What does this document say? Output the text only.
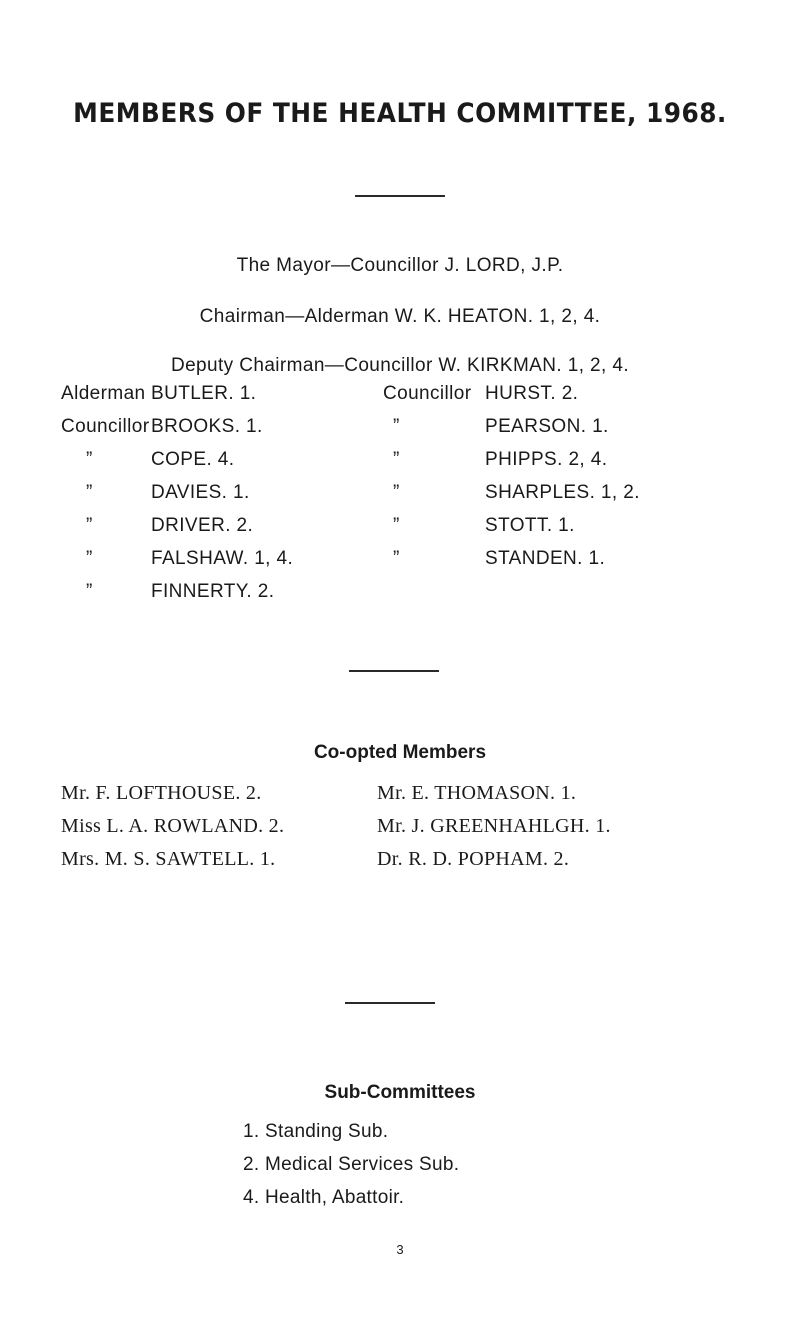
MEMBERS OF THE HEALTH COMMITTEE, 1968.
The Mayor—Councillor J. LORD, J.P.
Chairman—Alderman W. K. HEATON. 1, 2, 4.
Deputy Chairman—Councillor W. KIRKMAN. 1, 2, 4.
Alderman BUTLER. 1.
Councillor BROOKS. 1.
”	COPE. 4.
”	DAVIES. 1.
”	DRIVER. 2.
”	FALSHAW. 1, 4.
”	FINNERTY. 2.
Councillor HURST. 2.
”	PEARSON. 1.
”	PHIPPS. 2, 4.
”	SHARPLES. 1, 2.
”	STOTT. 1.
”	STANDEN. 1.
Co-opted Members
Mr. F. LOFTHOUSE. 2.
Miss L. A. ROWLAND. 2.
Mrs. M. S. SAWTELL. 1.
Mr. E. THOMASON. 1.
Mr. J. GREENHAHLGH. 1.
Dr. R. D. POPHAM. 2.
Sub-Committees
1. Standing Sub.
2. Medical Services Sub.
4. Health, Abattoir.
3
